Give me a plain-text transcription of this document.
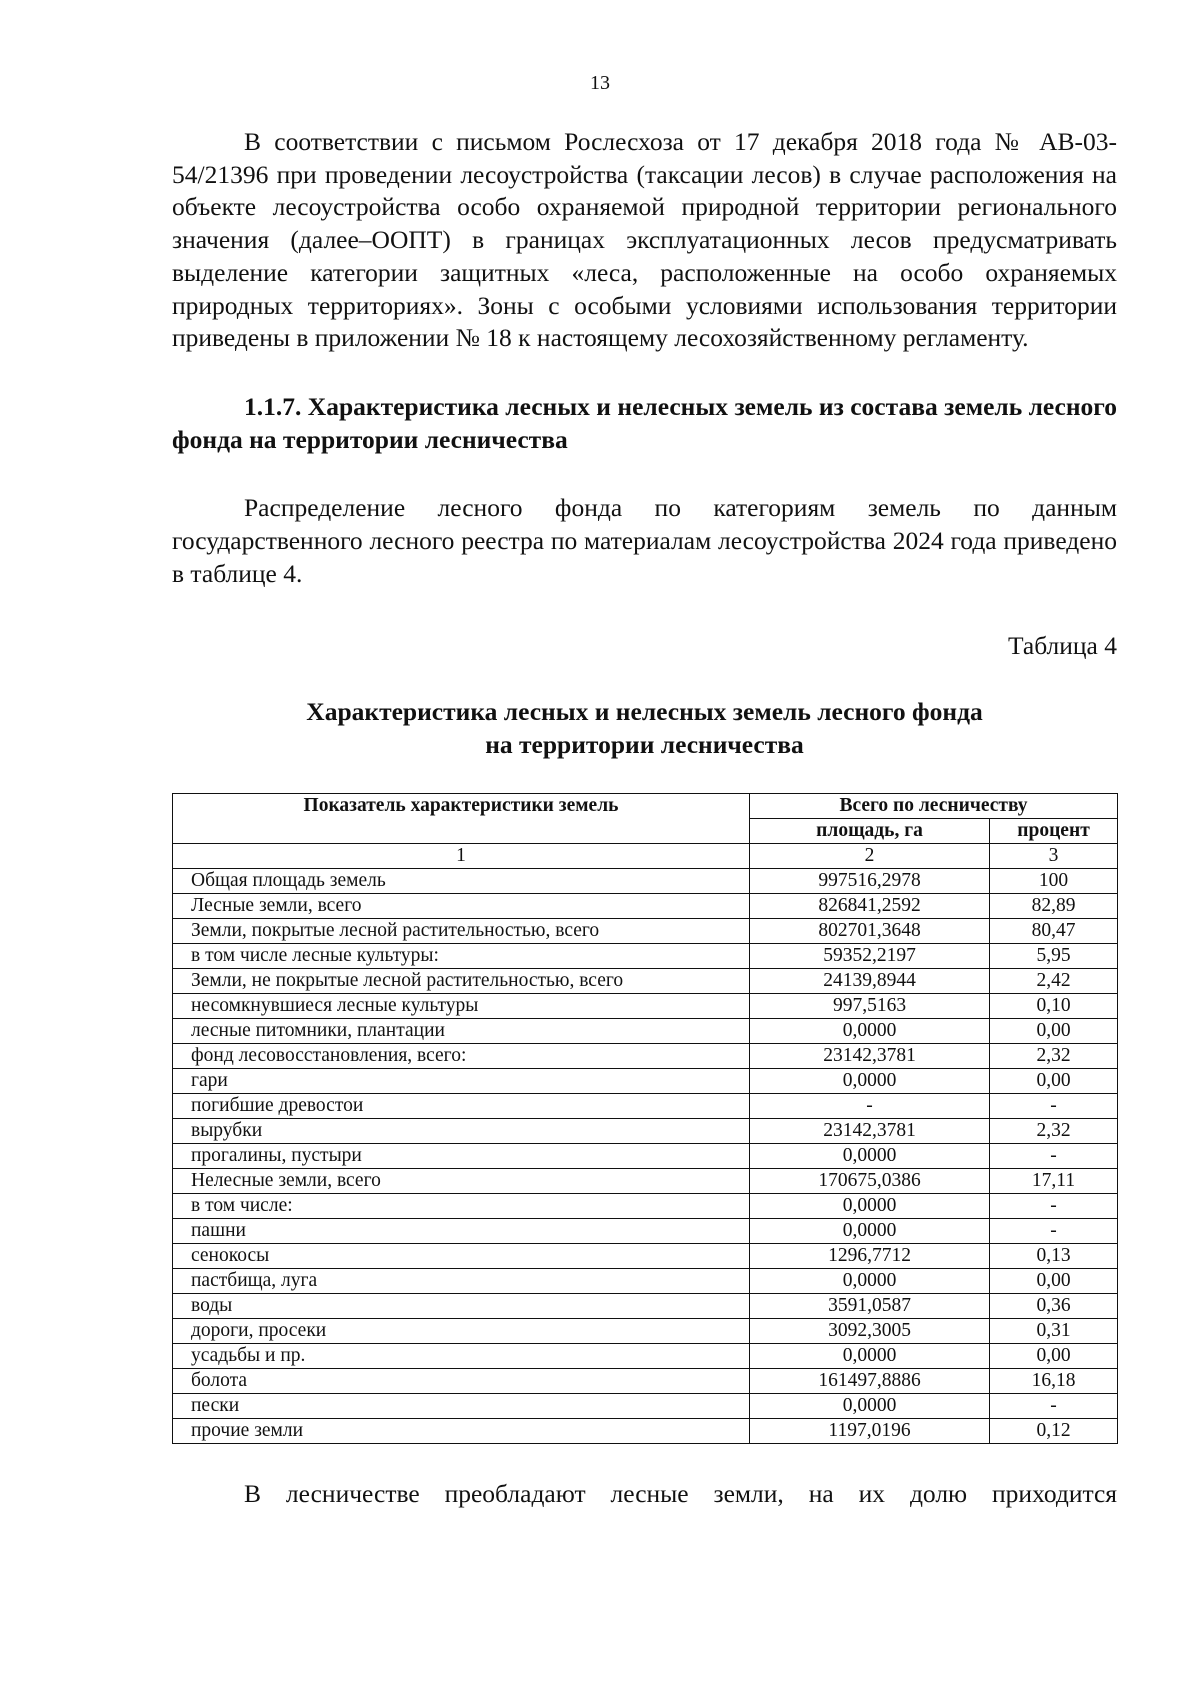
13

В соответствии с письмом Рослесхоза от 17 декабря 2018 года № АВ-03-54/21396 при проведении лесоустройства (таксации лесов) в случае расположения на объекте лесоустройства особо охраняемой природной территории регионального значения (далее–ООПТ) в границах эксплуатационных лесов предусматривать выделение категории защитных «леса, расположенные на особо охраняемых природных территориях». Зоны с особыми условиями использования территории приведены в приложении № 18 к настоящему лесохозяйственному регламенту.

1.1.7. Характеристика лесных и нелесных земель из состава земель лесного фонда на территории лесничества

Распределение лесного фонда по категориям земель по данным государственного лесного реестра по материалам лесоустройства 2024 года приведено в таблице 4.

Таблица 4
Характеристика лесных и нелесных земель лесного фонда
на территории лесничества
Показатель характеристики земель	Всего по лесничеству	
	площадь, га	процент
1	2	3
Общая площадь земель	997516,2978	100
Лесные земли, всего	826841,2592	82,89
Земли, покрытые лесной растительностью, всего	802701,3648	80,47
в том числе лесные культуры:	59352,2197	5,95
Земли, не покрытые лесной растительностью, всего	24139,8944	2,42
несомкнувшиеся лесные культуры	997,5163	0,10
лесные питомники, плантации	0,0000	0,00
фонд лесовосстановления, всего:	23142,3781	2,32
гари	0,0000	0,00
погибшие древостои	-	-
вырубки	23142,3781	2,32
прогалины, пустыри	0,0000	-
Нелесные земли, всего	170675,0386	17,11
в том числе:	0,0000	-
пашни	0,0000	-
сенокосы	1296,7712	0,13
пастбища, луга	0,0000	0,00
воды	3591,0587	0,36
дороги, просеки	3092,3005	0,31
усадьбы и пр.	0,0000	0,00
болота	161497,8886	16,18
пески	0,0000	-
прочие земли	1197,0196	0,12

В лесничестве преобладают лесные земли, на их долю приходится
